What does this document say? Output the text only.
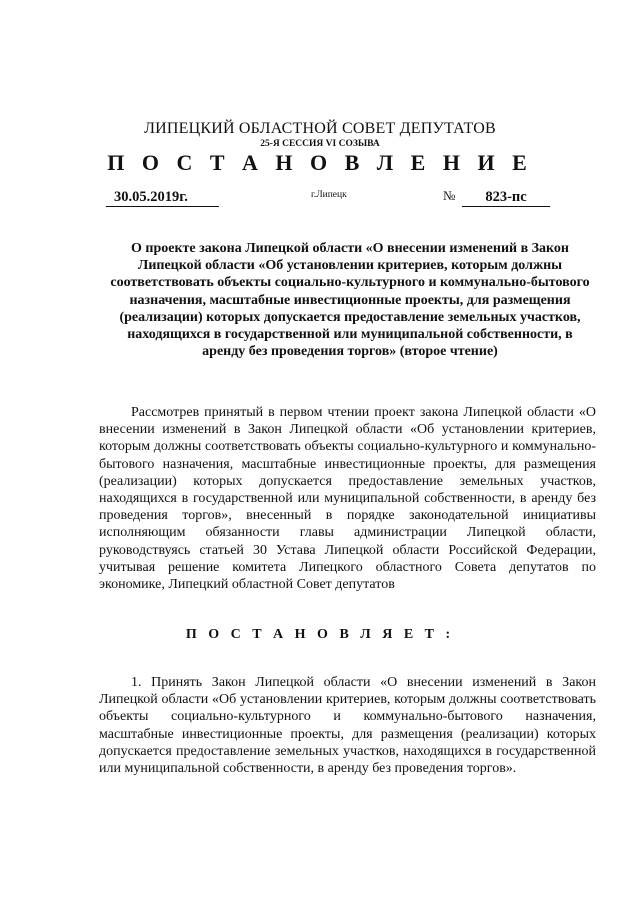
ЛИПЕЦКИЙ ОБЛАСТНОЙ СОВЕТ ДЕПУТАТОВ
25-Я СЕССИЯ VI СОЗЫВА
П О С Т А Н О В Л Е Н И Е
30.05.2019г.	г.Липецк	№	823-пс
О проекте закона Липецкой области «О внесении изменений в Закон Липецкой области «Об установлении критериев, которым должны соответствовать объекты социально-культурного и коммунально-бытового назначения, масштабные инвестиционные проекты, для размещения (реализации) которых допускается предоставление земельных участков, находящихся в государственной или муниципальной собственности, в аренду без проведения торгов» (второе чтение)
Рассмотрев принятый в первом чтении проект закона Липецкой области «О внесении изменений в Закон Липецкой области «Об установлении критериев, которым должны соответствовать объекты социально-культурного и коммунально-бытового назначения, масштабные инвестиционные проекты, для размещения (реализации) которых допускается предоставление земельных участков, находящихся в государственной или муниципальной собственности, в аренду без проведения торгов», внесенный в порядке законодательной инициативы исполняющим обязанности главы администрации Липецкой области, руководствуясь статьей 30 Устава Липецкой области Российской Федерации, учитывая решение комитета Липецкого областного Совета депутатов по экономике, Липецкий областной Совет депутатов
П О С Т А Н О В Л Я Е Т :
1. Принять Закон Липецкой области «О внесении изменений в Закон Липецкой области «Об установлении критериев, которым должны соответствовать объекты социально-культурного и коммунально-бытового назначения, масштабные инвестиционные проекты, для размещения (реализации) которых допускается предоставление земельных участков, находящихся в государственной или муниципальной собственности, в аренду без проведения торгов».
